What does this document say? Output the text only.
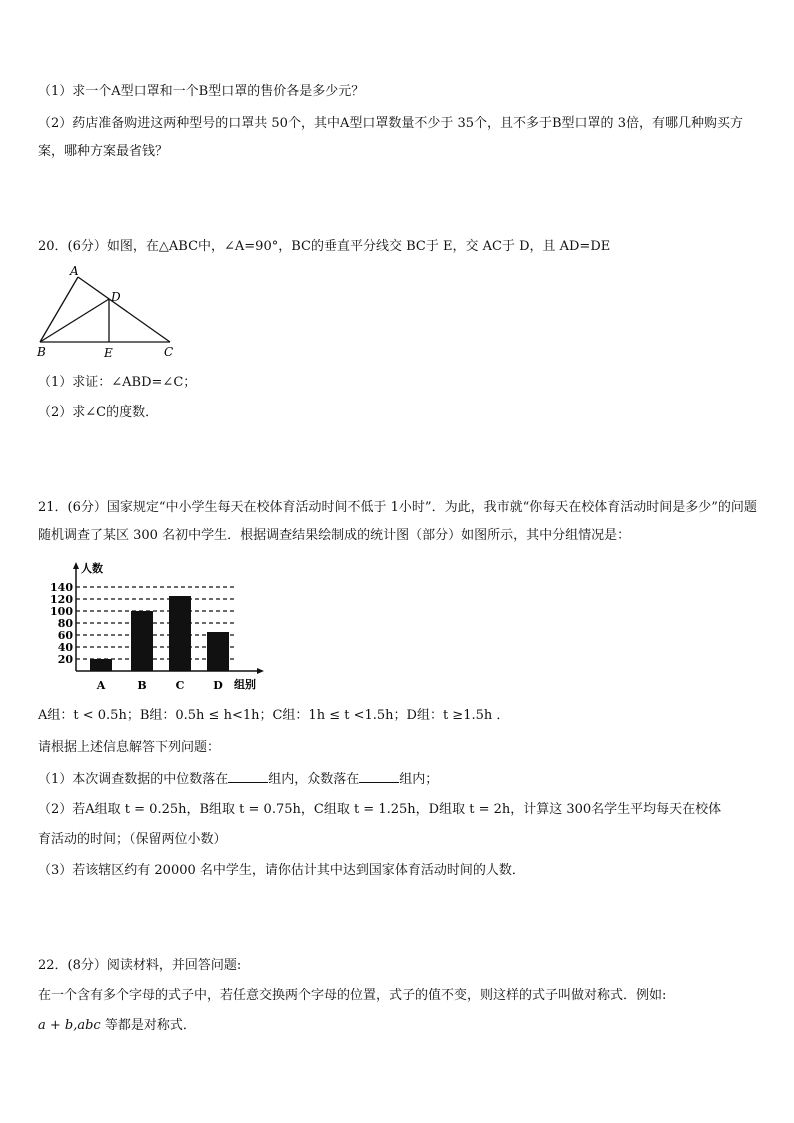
（1）求一个A型口罩和一个B型口罩的售价各是多少元？
（2）药店准备购进这两种型号的口罩共 50个，其中A型口罩数量不少于 35个，且不多于B型口罩的 3倍，有哪几种购买方案，哪种方案最省钱？
20．(6分）如图，在△ABC中，∠A=90°，BC的垂直平分线交 BC于 E，交 AC于 D，且 AD=DE
A
D
B	E	C
（1）求证：∠ABD=∠C；
（2）求∠C的度数．
21．(6分）国家规定“中小学生每天在校体育活动时间不低于 1小时”．为此，我市就“你每天在校体育活动时间是多少”的问题随机调查了某区 300 名初中学生．根据调查结果绘制成的统计图（部分）如图所示，其中分组情况是：
20
40
60
80
100
120
140
A	B	C	D
人数
组别
A组：t < 0.5h；B组：0.5h ≤ h<1h；C组：1h ≤ t <1.5h；D组：t ≥1.5h ．
请根据上述信息解答下列问题：
（1）本次调查数据的中位数落在	组内，众数落在	组内；
（2）若A组取 t = 0.25h，B组取 t = 0.75h，C组取 t = 1.25h，D组取 t = 2h，计算这 300名学生平均每天在校体
育活动的时间；（保留两位小数）
（3）若该辖区约有 20000 名中学生，请你估计其中达到国家体育活动时间的人数．
22．(8分）阅读材料，并回答问题:
在一个含有多个字母的式子中，若任意交换两个字母的位置，式子的值不变，则这样的式子叫做对称式．例如:
a + b,abc 等都是对称式．
